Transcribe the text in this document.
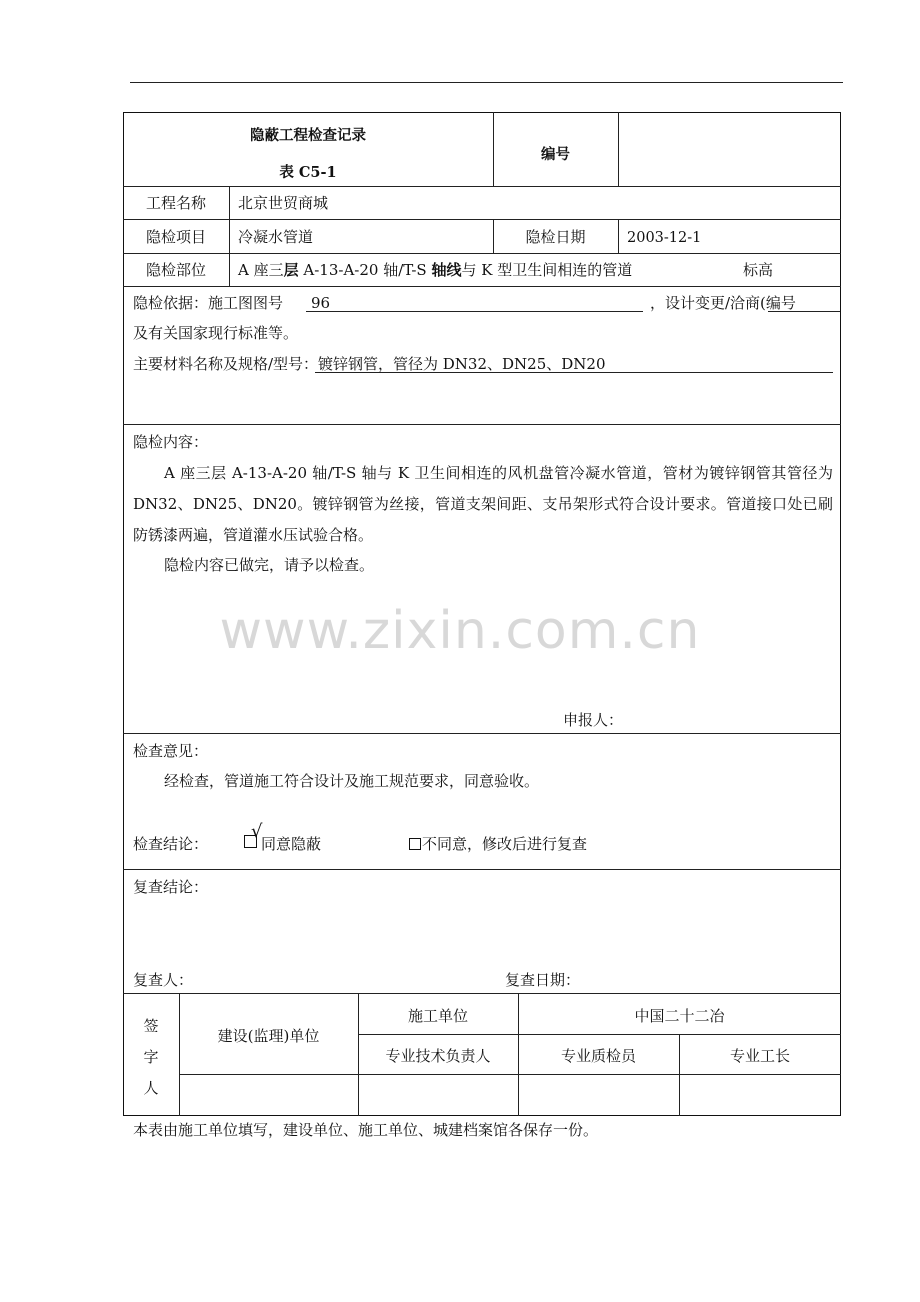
隐蔽工程检查记录
表 C5-1
编号
工程名称	北京世贸商城
隐检项目	冷凝水管道	隐检日期	2003-12-1
隐检部位	A 座三层 A-13-A-20 轴/T-S 轴线与 K 型卫生间相连的管道	标高
隐检依据：施工图图号 96	，设计变更/洽商(编号
及有关国家现行标准等。
主要材料名称及规格/型号： 镀锌钢管，管径为 DN32、DN25、DN20
隐检内容：
A 座三层 A-13-A-20 轴/T-S 轴与 K 卫生间相连的风机盘管冷凝水管道，管材为镀锌钢管其管径为 DN32、DN25、DN20。镀锌钢管为丝接，管道支架间距、支吊架形式符合设计要求。管道接口处已刷防锈漆两遍，管道灌水压试验合格。
隐检内容已做完，请予以检查。
www.zixin.com.cn
申报人：
检查意见：
经检查，管道施工符合设计及施工规范要求，同意验收。
检查结论：
√
同意隐蔽	不同意，修改后进行复查
复查结论：
复查人：	复查日期：
签
字
人
建设(监理)单位
施工单位	中国二十二冶
专业技术负责人	专业质检员	专业工长
本表由施工单位填写，建设单位、施工单位、城建档案馆各保存一份。
